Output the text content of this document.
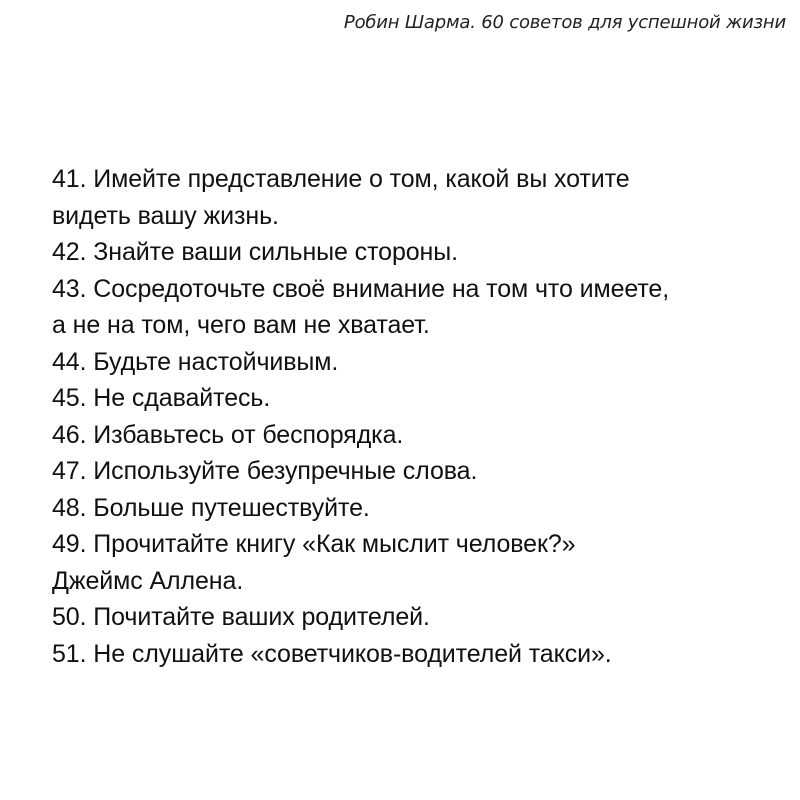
Робин Шарма. 60 советов для успешной жизни
41. Имейте представление о том, какой вы хотите
видеть вашу жизнь.
42. Знайте ваши сильные стороны.
43. Сосредоточьте своё внимание на том что имеете,
а не на том, чего вам не хватает.
44. Будьте настойчивым.
45. Не сдавайтесь.
46. Избавьтесь от беспорядка.
47. Используйте безупречные слова.
48. Больше путешествуйте.
49. Прочитайте книгу «Как мыслит человек?»
Джеймс Аллена.
50. Почитайте ваших родителей.
51. Не слушайте «советчиков-водителей такси».
